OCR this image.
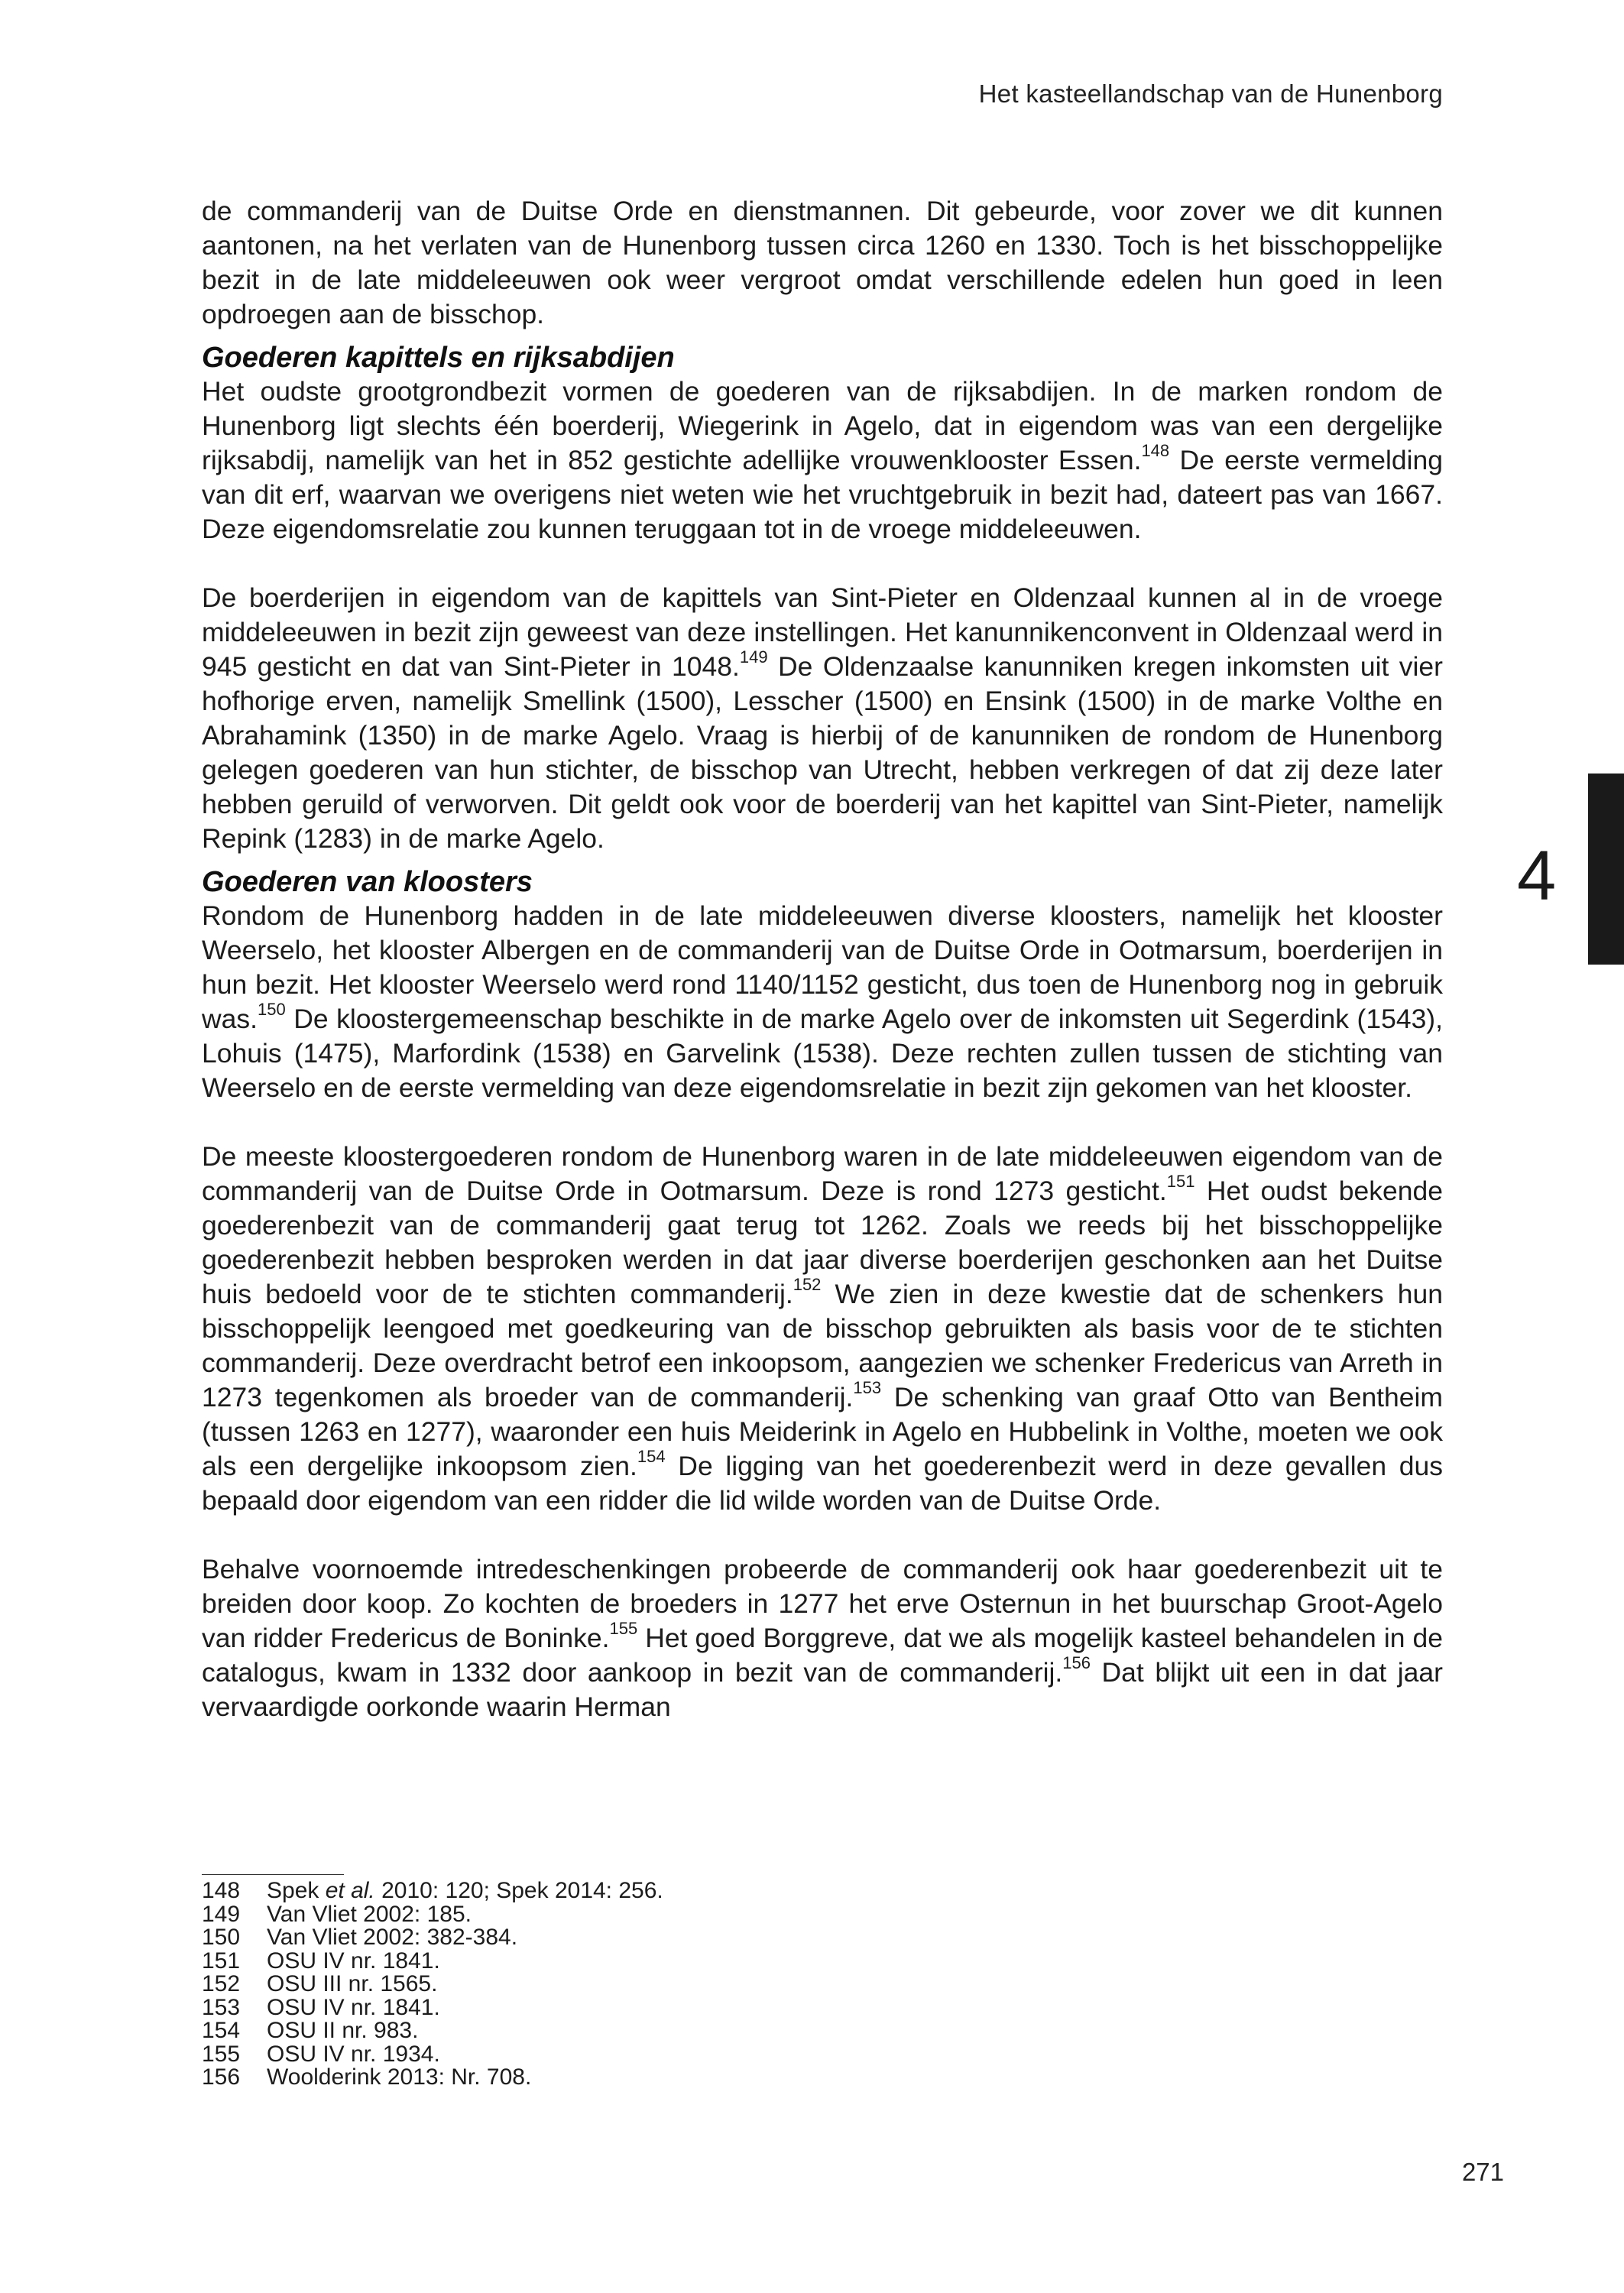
Het kasteellandschap van de Hunenborg
4

de commanderij van de Duitse Orde en dienstmannen. Dit gebeurde, voor zover we dit kunnen aantonen, na het verlaten van de Hunenborg tussen circa 1260 en 1330. Toch is het bisschoppelijke bezit in de late middeleeuwen ook weer vergroot omdat verschillende edelen hun goed in leen opdroegen aan de bisschop.

Goederen kapittels en rijksabdijen

Het oudste grootgrondbezit vormen de goederen van de rijksabdijen. In de marken rondom de Hunenborg ligt slechts één boerderij, Wiegerink in Agelo, dat in eigendom was van een dergelijke rijksabdij, namelijk van het in 852 gestichte adellijke vrouwenklooster Essen.$^{148}$ De eerste vermelding van dit erf, waarvan we overigens niet weten wie het vruchtgebruik in bezit had, dateert pas van 1667. Deze eigendomsrelatie zou kunnen teruggaan tot in de vroege middeleeuwen.

De boerderijen in eigendom van de kapittels van Sint-Pieter en Oldenzaal kunnen al in de vroege middeleeuwen in bezit zijn geweest van deze instellingen. Het kanunnikenconvent in Oldenzaal werd in 945 gesticht en dat van Sint-Pieter in 1048.$^{149}$ De Oldenzaalse kanunniken kregen inkomsten uit vier hofhorige erven, namelijk Smellink (1500), Lesscher (1500) en Ensink (1500) in de marke Volthe en Abrahamink (1350) in de marke Agelo. Vraag is hierbij of de kanunniken de rondom de Hunenborg gelegen goederen van hun stichter, de bisschop van Utrecht, hebben verkregen of dat zij deze later hebben geruild of verworven. Dit geldt ook voor de boerderij van het kapittel van Sint-Pieter, namelijk Repink (1283) in de marke Agelo.

Goederen van kloosters

Rondom de Hunenborg hadden in de late middeleeuwen diverse kloosters, namelijk het klooster Weerselo, het klooster Albergen en de commanderij van de Duitse Orde in Ootmarsum, boerderijen in hun bezit. Het klooster Weerselo werd rond 1140/1152 gesticht, dus toen de Hunenborg nog in gebruik was.$^{150}$ De kloostergemeenschap beschikte in de marke Agelo over de inkomsten uit Segerdink (1543), Lohuis (1475), Marfordink (1538) en Garvelink (1538). Deze rechten zullen tussen de stichting van Weerselo en de eerste vermelding van deze eigendomsrelatie in bezit zijn gekomen van het klooster.

De meeste kloostergoederen rondom de Hunenborg waren in de late middeleeuwen eigendom van de commanderij van de Duitse Orde in Ootmarsum. Deze is rond 1273 gesticht.$^{151}$ Het oudst bekende goederenbezit van de commanderij gaat terug tot 1262. Zoals we reeds bij het bisschoppelijke goederenbezit hebben besproken werden in dat jaar diverse boerderijen geschonken aan het Duitse huis bedoeld voor de te stichten commanderij.$^{152}$ We zien in deze kwestie dat de schenkers hun bisschoppelijk leengoed met goedkeuring van de bisschop gebruikten als basis voor de te stichten commanderij. Deze overdracht betrof een inkoopsom, aangezien we schenker Fredericus van Arreth in 1273 tegenkomen als broeder van de commanderij.$^{153}$ De schenking van graaf Otto van Bentheim (tussen 1263 en 1277), waaronder een huis Meiderink in Agelo en Hubbelink in Volthe, moeten we ook als een dergelijke inkoopsom zien.$^{154}$ De ligging van het goederenbezit werd in deze gevallen dus bepaald door eigendom van een ridder die lid wilde worden van de Duitse Orde.

Behalve voornoemde intredeschenkingen probeerde de commanderij ook haar goederenbezit uit te breiden door koop. Zo kochten de broeders in 1277 het erve Osternun in het buurschap Groot-Agelo van ridder Fredericus de Boninke.$^{155}$ Het goed Borggreve, dat we als mogelijk kasteel behandelen in de catalogus, kwam in 1332 door aankoop in bezit van de commanderij.$^{156}$ Dat blijkt uit een in dat jaar vervaardigde oorkonde waarin Herman

148	Spek et al. 2010: 120; Spek 2014: 256.
149	Van Vliet 2002: 185.
150	Van Vliet 2002: 382-384.
151	OSU IV nr. 1841.
152	OSU III nr. 1565.
153	OSU IV nr. 1841.
154	OSU II nr. 983.
155	OSU IV nr. 1934.
156	Woolderink 2013: Nr. 708.
271
